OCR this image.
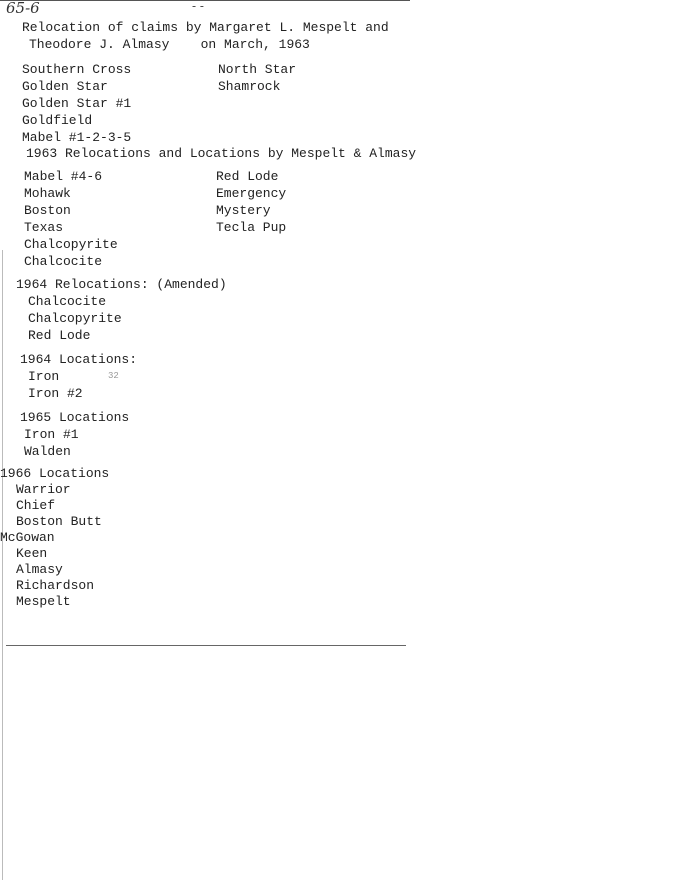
65-6	- -
Relocation of claims by Margaret L. Mespelt and
Theodore J. Almasy    on March, 1963
Southern Cross
Golden Star
Golden Star #1
Goldfield
Mabel #1-2-3-5
North Star
Shamrock
1963 Relocations and Locations by Mespelt & Almasy
Mabel #4-6
Mohawk
Boston
Texas
Chalcopyrite
Chalcocite
Red Lode
Emergency
Mystery
Tecla Pup
1964 Relocations: (Amended)
Chalcocite
Chalcopyrite
Red Lode
1964 Locations:
Iron
Iron #2
32
1965 Locations
Iron #1
Walden
1966 Locations
Warrior
Chief
Boston Butt
McGowan
Keen
Almasy
Richardson
Mespelt
